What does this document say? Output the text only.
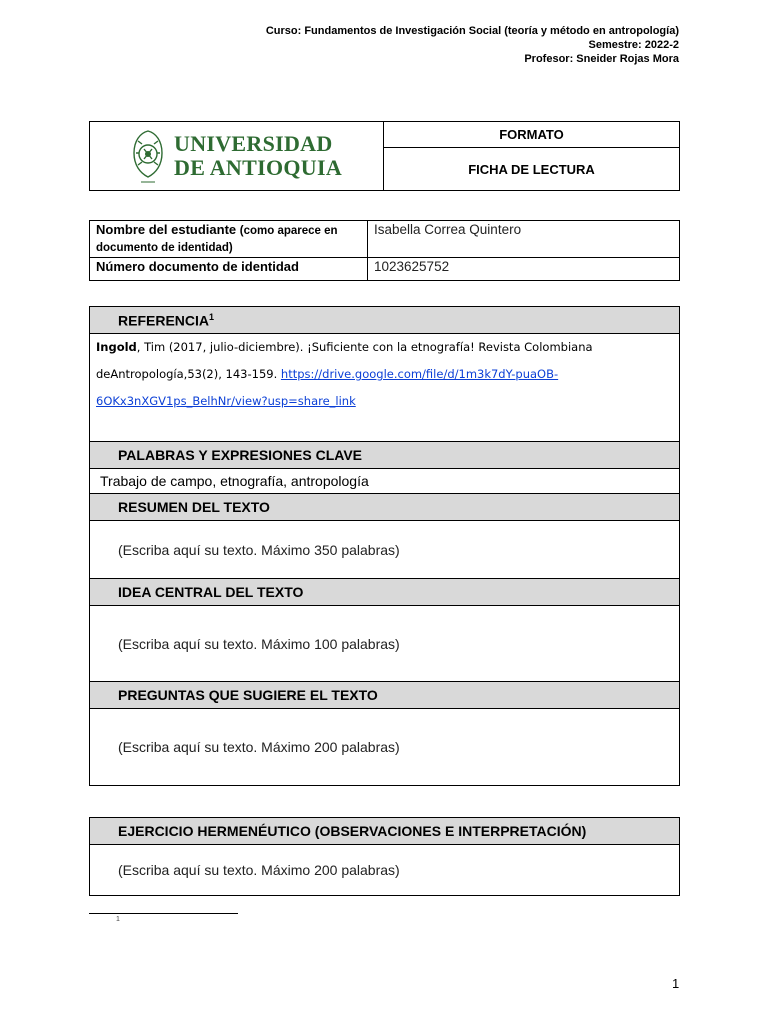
Curso: Fundamentos de Investigación Social (teoría y método en antropología)
Semestre: 2022-2
Profesor: Sneider Rojas Mora
UNIVERSIDAD
DE ANTIOQUIA
	FORMATO
FICHA DE LECTURA
Nombre del estudiante (como aparece en documento de identidad)	Isabella Correa Quintero
Número documento de identidad	1023625752
REFERENCIA$^1$
Ingold, Tim (2017, julio-diciembre). ¡Suficiente con la etnografía! Revista Colombiana deAntropología,53(2), 143-159. https://drive.google.com/file/d/1m3k7dY-puaOB-6OKx3nXGV1ps_BelhNr/view?usp=share_link
PALABRAS Y EXPRESIONES CLAVE
Trabajo de campo, etnografía, antropología
RESUMEN DEL TEXTO
(Escriba aquí su texto. Máximo 350 palabras)
IDEA CENTRAL DEL TEXTO
(Escriba aquí su texto. Máximo 100 palabras)
PREGUNTAS QUE SUGIERE EL TEXTO
(Escriba aquí su texto. Máximo 200 palabras)
EJERCICIO HERMENÉUTICO (OBSERVACIONES E INTERPRETACIÓN)
(Escriba aquí su texto. Máximo 200 palabras)
1
1
